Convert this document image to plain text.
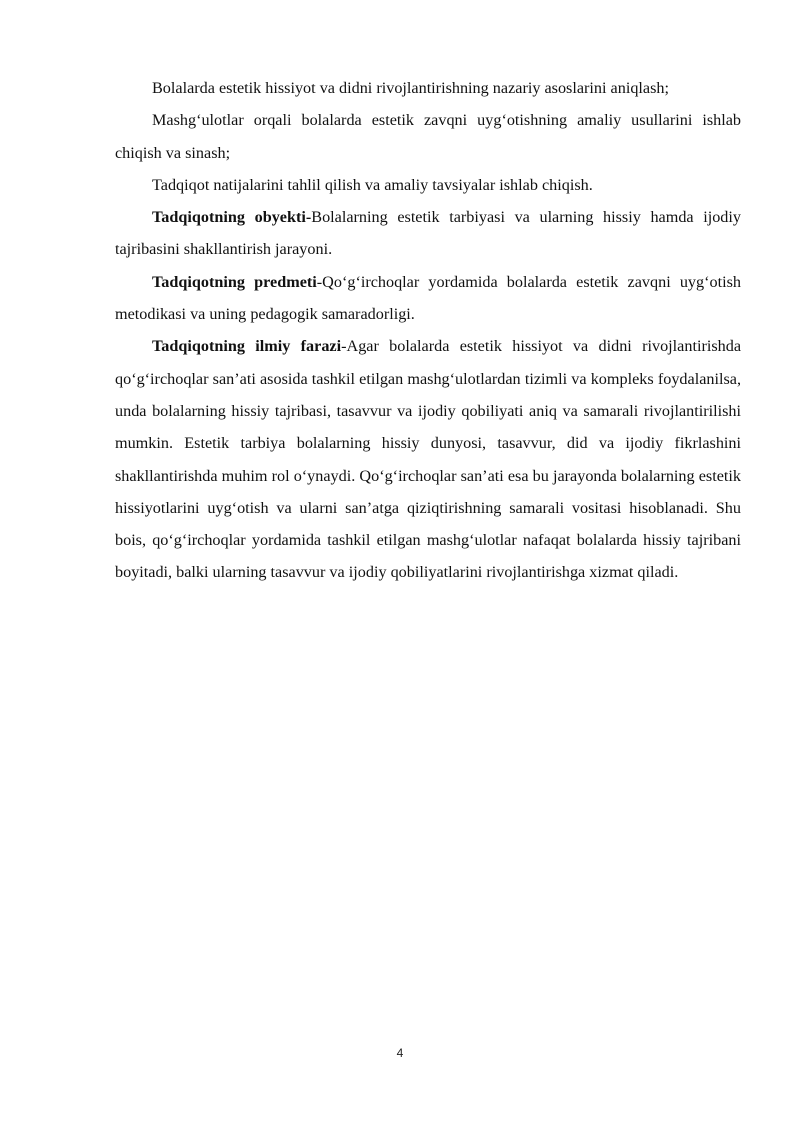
Bolalarda estetik hissiyot va didni rivojlantirishning nazariy asoslarini aniqlash;

Mashg‘ulotlar orqali bolalarda estetik zavqni uyg‘otishning amaliy usullarini ishlab chiqish va sinash;

Tadqiqot natijalarini tahlil qilish va amaliy tavsiyalar ishlab chiqish.

Tadqiqotning obyekti-Bolalarning estetik tarbiyasi va ularning hissiy hamda ijodiy tajribasini shakllantirish jarayoni.

Tadqiqotning predmeti-Qo‘g‘irchoqlar yordamida bolalarda estetik zavqni uyg‘otish metodikasi va uning pedagogik samaradorligi.

Tadqiqotning ilmiy farazi-Agar bolalarda estetik hissiyot va didni rivojlantirishda qo‘g‘irchoqlar san’ati asosida tashkil etilgan mashg‘ulotlardan tizimli va kompleks foydalanilsa, unda bolalarning hissiy tajribasi, tasavvur va ijodiy qobiliyati aniq va samarali rivojlantirilishi mumkin. Estetik tarbiya bolalarning hissiy dunyosi, tasavvur, did va ijodiy fikrlashini shakllantirishda muhim rol o‘ynaydi. Qo‘g‘irchoqlar san’ati esa bu jarayonda bolalarning estetik hissiyotlarini uyg‘otish va ularni san’atga qiziqtirishning samarali vositasi hisoblanadi. Shu bois, qo‘g‘irchoqlar yordamida tashkil etilgan mashg‘ulotlar nafaqat bolalarda hissiy tajribani boyitadi, balki ularning tasavvur va ijodiy qobiliyatlarini rivojlantirishga xizmat qiladi.

4
